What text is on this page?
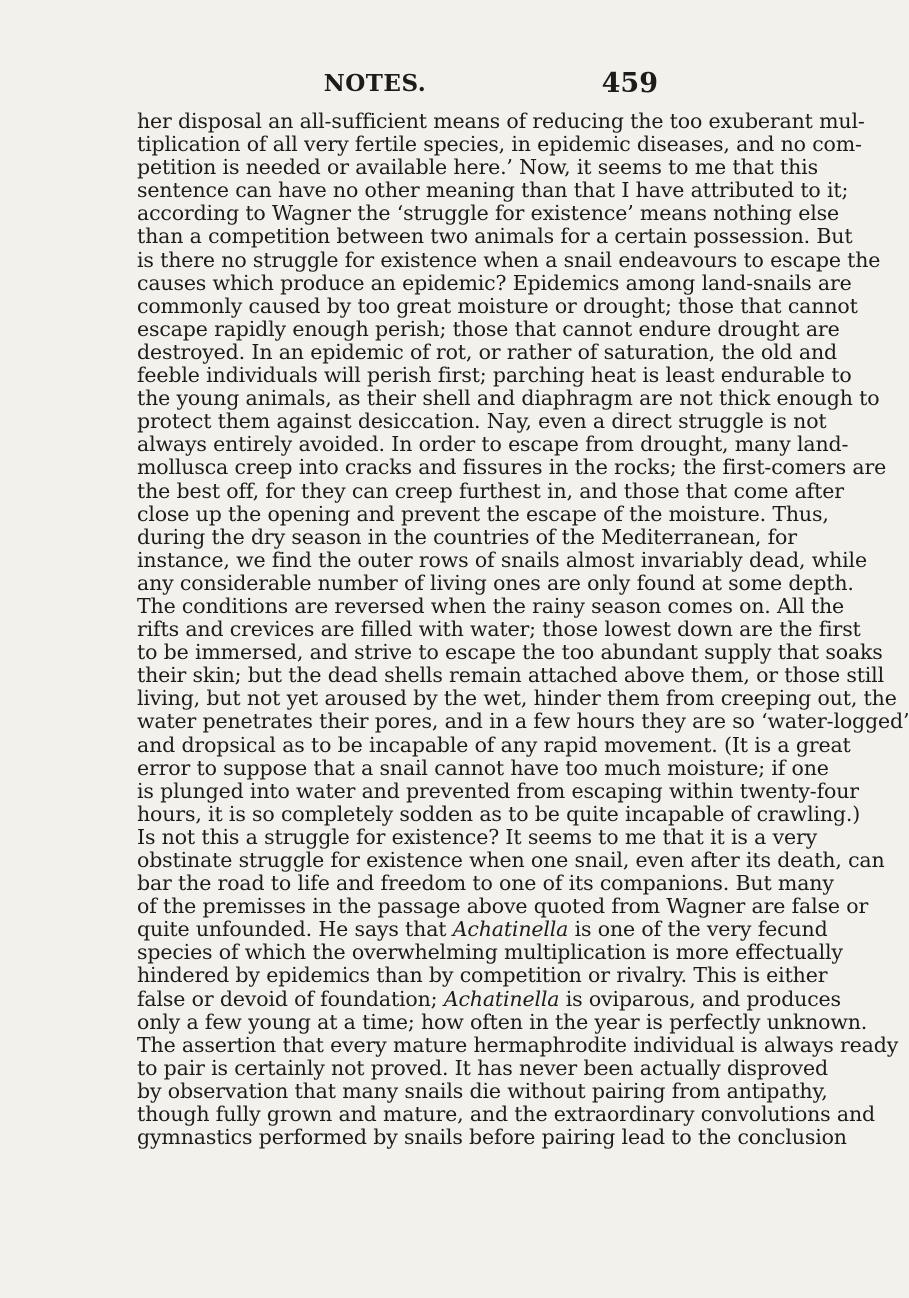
NOTES.	459
her disposal an all-sufficient means of reducing the too exuberant mul-
tiplication of all very fertile species, in epidemic diseases, and no com-
petition is needed or available here.’ Now, it seems to me that this
sentence can have no other meaning than that I have attributed to it;
according to Wagner the ‘struggle for existence’ means nothing else
than a competition between two animals for a certain possession. But
is there no struggle for existence when a snail endeavours to escape the
causes which produce an epidemic? Epidemics among land-snails are
commonly caused by too great moisture or drought; those that cannot
escape rapidly enough perish; those that cannot endure drought are
destroyed. In an epidemic of rot, or rather of saturation, the old and
feeble individuals will perish first; parching heat is least endurable to
the young animals, as their shell and diaphragm are not thick enough to
protect them against desiccation. Nay, even a direct struggle is not
always entirely avoided. In order to escape from drought, many land-
mollusca creep into cracks and fissures in the rocks; the first-comers are
the best off, for they can creep furthest in, and those that come after
close up the opening and prevent the escape of the moisture. Thus,
during the dry season in the countries of the Mediterranean, for
instance, we find the outer rows of snails almost invariably dead, while
any considerable number of living ones are only found at some depth.
The conditions are reversed when the rainy season comes on. All the
rifts and crevices are filled with water; those lowest down are the first
to be immersed, and strive to escape the too abundant supply that soaks
their skin; but the dead shells remain attached above them, or those still
living, but not yet aroused by the wet, hinder them from creeping out, the
water penetrates their pores, and in a few hours they are so ‘water-logged’
and dropsical as to be incapable of any rapid movement. (It is a great
error to suppose that a snail cannot have too much moisture; if one
is plunged into water and prevented from escaping within twenty-four
hours, it is so completely sodden as to be quite incapable of crawling.)
Is not this a struggle for existence? It seems to me that it is a very
obstinate struggle for existence when one snail, even after its death, can
bar the road to life and freedom to one of its companions. But many
of the premisses in the passage above quoted from Wagner are false or
quite unfounded. He says that Achatinella is one of the very fecund
species of which the overwhelming multiplication is more effectually
hindered by epidemics than by competition or rivalry. This is either
false or devoid of foundation; Achatinella is oviparous, and produces
only a few young at a time; how often in the year is perfectly unknown.
The assertion that every mature hermaphrodite individual is always ready
to pair is certainly not proved. It has never been actually disproved
by observation that many snails die without pairing from antipathy,
though fully grown and mature, and the extraordinary convolutions and
gymnastics performed by snails before pairing lead to the conclusion
